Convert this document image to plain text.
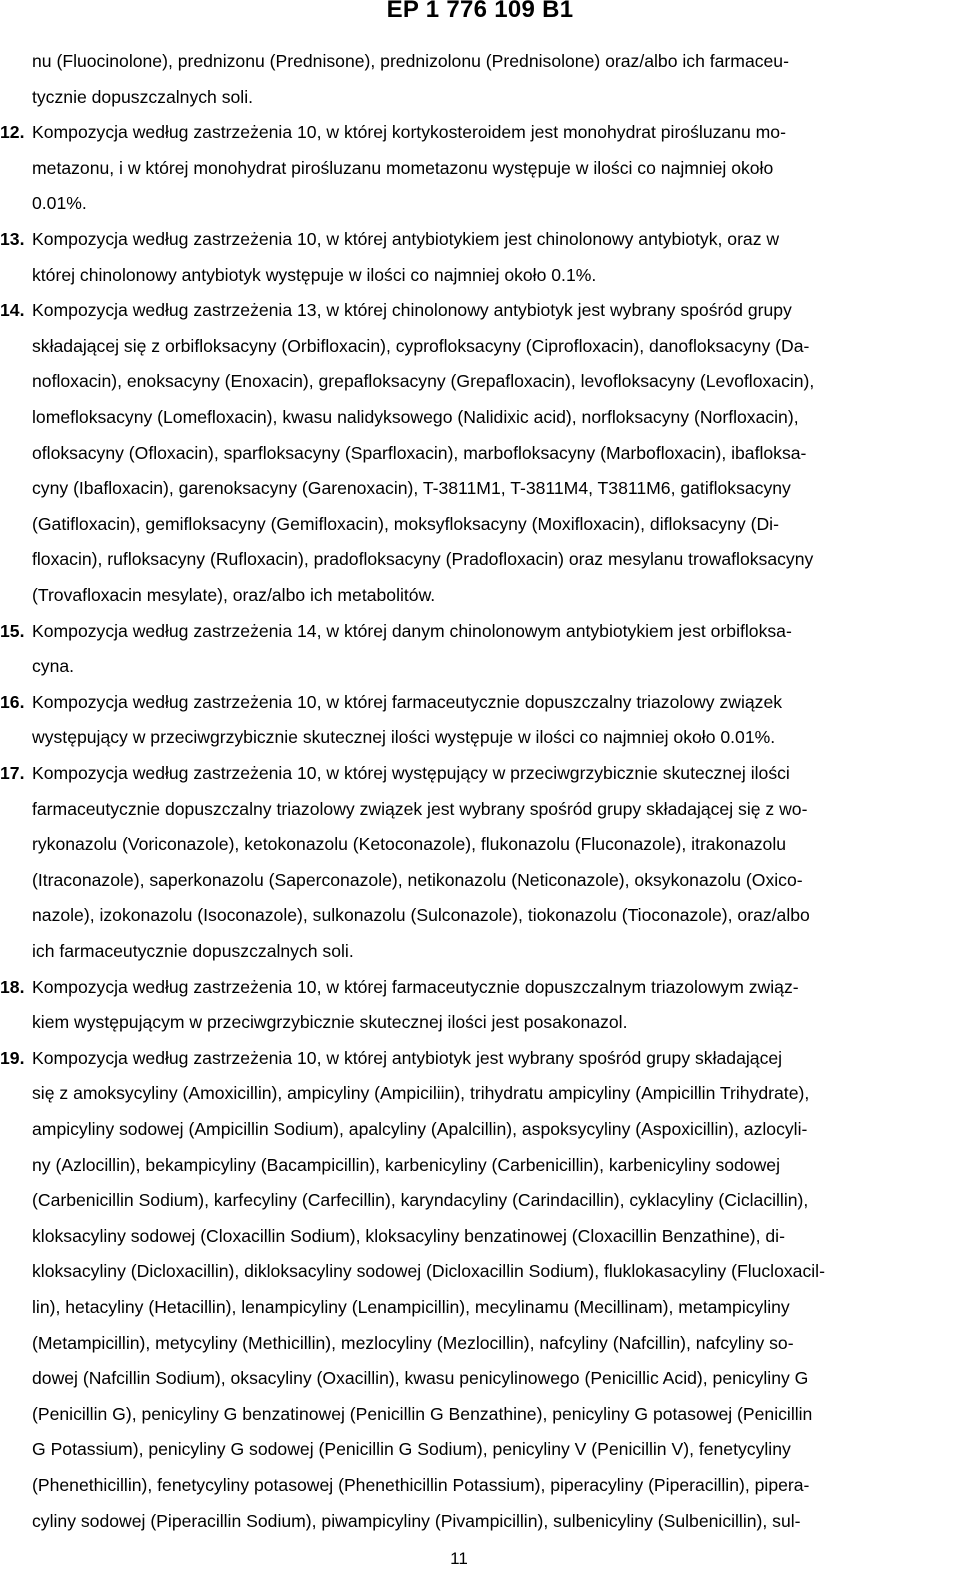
EP 1 776 109 B1
nu (Fluocinolone), prednizonu (Prednisone), prednizolonu (Prednisolone) oraz/albo ich farmaceu-
tycznie dopuszczalnych soli.
Kompozycja według zastrzeżenia 10, w której kortykosteroidem jest monohydrat pirośluzanu mo-
12.
metazonu, i w której monohydrat pirośluzanu mometazonu występuje w ilości co najmniej około
0.01%.
Kompozycja według zastrzeżenia 10, w której antybiotykiem jest chinolonowy antybiotyk, oraz w
13.
której chinolonowy antybiotyk występuje w ilości co najmniej około 0.1%.
Kompozycja według zastrzeżenia 13, w której chinolonowy antybiotyk jest wybrany spośród grupy
14.
składającej się z orbifloksacyny (Orbifloxacin), cyprofloksacyny (Ciprofloxacin), danofloksacyny (Da-
nofloxacin), enoksacyny (Enoxacin), grepafloksacyny (Grepafloxacin), levofloksacyny (Levofloxacin),
lomefloksacyny (Lomefloxacin), kwasu nalidyksowego (Nalidixic acid), norfloksacyny (Norfloxacin),
ofloksacyny (Ofloxacin), sparfloksacyny (Sparfloxacin), marbofloksacyny (Marbofloxacin), ibafloksa-
cyny (Ibafloxacin), garenoksacyny (Garenoxacin), T-3811M1, T-3811M4, T3811M6, gatifloksacyny
(Gatifloxacin), gemifloksacyny (Gemifloxacin), moksyfloksacyny (Moxifloxacin), difloksacyny (Di-
floxacin), rufloksacyny (Rufloxacin), pradofloksacyny (Pradofloxacin) oraz mesylanu trowafloksacyny
(Trovafloxacin mesylate), oraz/albo ich metabolitów.
Kompozycja według zastrzeżenia 14, w której danym chinolonowym antybiotykiem jest orbifloksa-
15.
cyna.
Kompozycja według zastrzeżenia 10, w której farmaceutycznie dopuszczalny triazolowy związek
16.
występujący w przeciwgrzybicznie skutecznej ilości występuje w ilości co najmniej około 0.01%.
Kompozycja według zastrzeżenia 10, w której występujący w przeciwgrzybicznie skutecznej ilości
17.
farmaceutycznie dopuszczalny triazolowy związek jest wybrany spośród grupy składającej się z wo-
rykonazolu (Voriconazole), ketokonazolu (Ketoconazole), flukonazolu (Fluconazole), itrakonazolu
(Itraconazole), saperkonazolu (Saperconazole), netikonazolu (Neticonazole), oksykonazolu (Oxico-
nazole), izokonazolu (Isoconazole), sulkonazolu (Sulconazole), tiokonazolu (Tioconazole), oraz/albo
ich farmaceutycznie dopuszczalnych soli.
Kompozycja według zastrzeżenia 10, w której farmaceutycznie dopuszczalnym triazolowym związ-
18.
kiem występującym w przeciwgrzybicznie skutecznej ilości jest posakonazol.
Kompozycja według zastrzeżenia 10, w której antybiotyk jest wybrany spośród grupy składającej
19.
się z amoksycyliny (Amoxicillin), ampicyliny (Ampiciliin), trihydratu ampicyliny (Ampicillin Trihydrate),
ampicyliny sodowej (Ampicillin Sodium), apalcyliny (Apalcillin), aspoksycyliny (Aspoxicillin), azlocyli-
ny (Azlocillin), bekampicyliny (Bacampicillin), karbenicyliny (Carbenicillin), karbenicyliny sodowej
(Carbenicillin Sodium), karfecyliny (Carfecillin), karyndacyliny (Carindacillin), cyklacyliny (Ciclacillin),
kloksacyliny sodowej (Cloxacillin Sodium), kloksacyliny benzatinowej (Cloxacillin Benzathine), di-
kloksacyliny (Dicloxacillin), dikloksacyliny sodowej (Dicloxacillin Sodium), fluklokasacyliny (Flucloxacil-
lin), hetacyliny (Hetacillin), lenampicyliny (Lenampicillin), mecylinamu (Mecillinam), metampicyliny
(Metampicillin), metycyliny (Methicillin), mezlocyliny (Mezlocillin), nafcyliny (Nafcillin), nafcyliny so-
dowej (Nafcillin Sodium), oksacyliny (Oxacillin), kwasu penicylinowego (Penicillic Acid), penicyliny G
(Penicillin G), penicyliny G benzatinowej (Penicillin G Benzathine), penicyliny G potasowej (Penicillin
G Potassium), penicyliny G sodowej (Penicillin G Sodium), penicyliny V (Penicillin V), fenetycyliny
(Phenethicillin), fenetycyliny potasowej (Phenethicillin Potassium), piperacyliny (Piperacillin), pipera-
cyliny sodowej (Piperacillin Sodium), piwampicyliny (Pivampicillin), sulbenicyliny (Sulbenicillin), sul-
11
